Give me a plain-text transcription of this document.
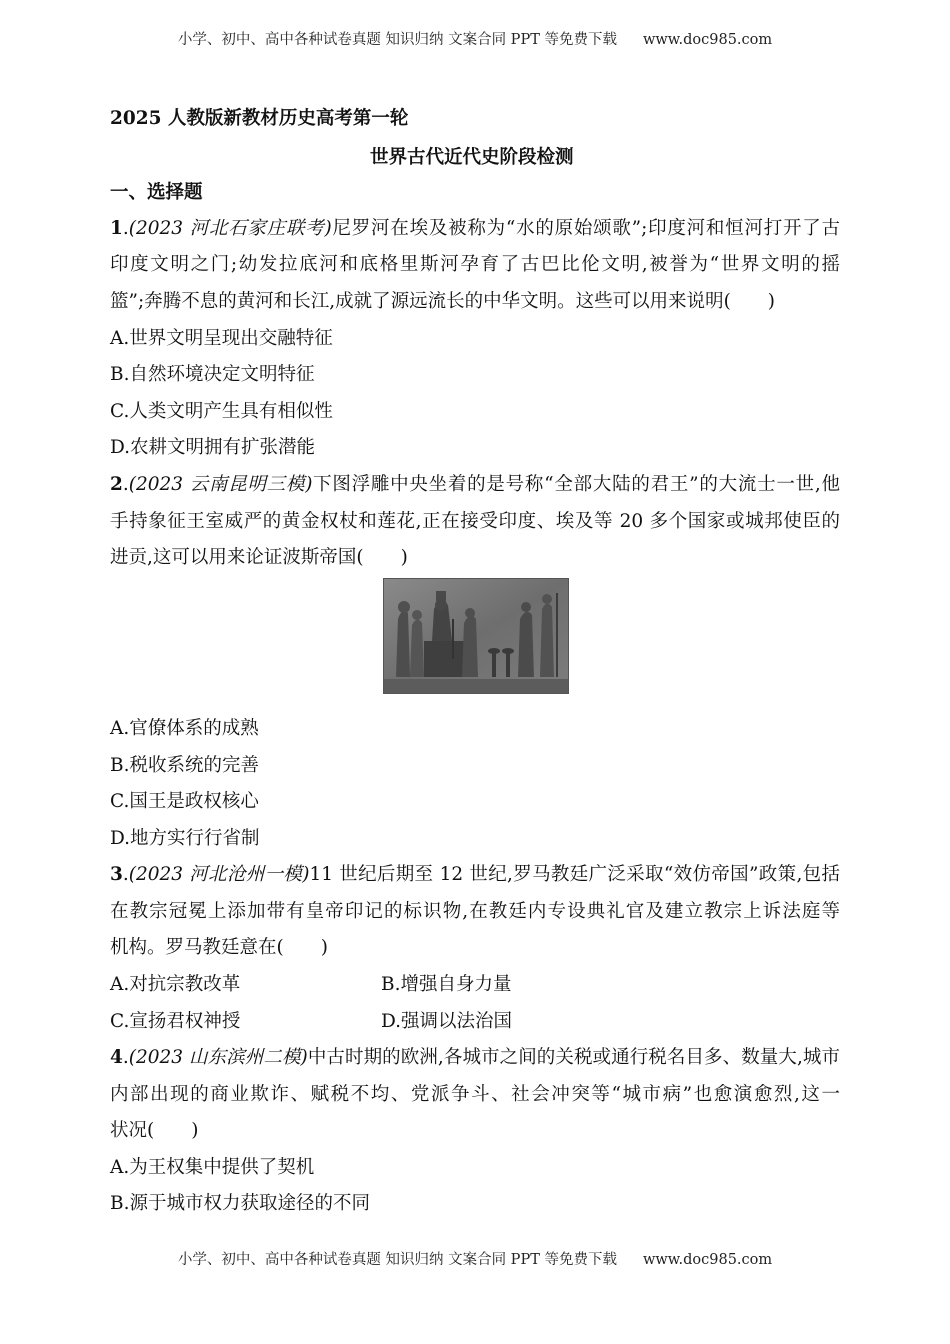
小学、初中、高中各种试卷真题 知识归纳 文案合同 PPT 等免费下载 www.doc985.com
2025 人教版新教材历史高考第一轮
世界古代近代史阶段检测
一、选择题
1.(2023 河北石家庄联考)尼罗河在埃及被称为“水的原始颂歌”;印度河和恒河打开了古
印度文明之门;幼发拉底河和底格里斯河孕育了古巴比伦文明,被誉为“世界文明的摇
篮”;奔腾不息的黄河和长江,成就了源远流长的中华文明。这些可以用来说明(　　)
A.世界文明呈现出交融特征
B.自然环境决定文明特征
C.人类文明产生具有相似性
D.农耕文明拥有扩张潜能
2.(2023 云南昆明三模)下图浮雕中央坐着的是号称“全部大陆的君王”的大流士一世,他
手持象征王室威严的黄金权杖和莲花,正在接受印度、埃及等 20 多个国家或城邦使臣的
进贡,这可以用来论证波斯帝国(　　)
A.官僚体系的成熟
B.税收系统的完善
C.国王是政权核心
D.地方实行行省制
3.(2023 河北沧州一模)11 世纪后期至 12 世纪,罗马教廷广泛采取“效仿帝国”政策,包括
在教宗冠冕上添加带有皇帝印记的标识物,在教廷内专设典礼官及建立教宗上诉法庭等
机构。罗马教廷意在(　　)
A.对抗宗教改革	B.增强自身力量
C.宣扬君权神授	D.强调以法治国
4.(2023 山东滨州二模)中古时期的欧洲,各城市之间的关税或通行税名目多、数量大,城市
内部出现的商业欺诈、赋税不均、党派争斗、社会冲突等“城市病”也愈演愈烈,这一
状况(　　)
A.为王权集中提供了契机
B.源于城市权力获取途径的不同
小学、初中、高中各种试卷真题 知识归纳 文案合同 PPT 等免费下载 www.doc985.com
